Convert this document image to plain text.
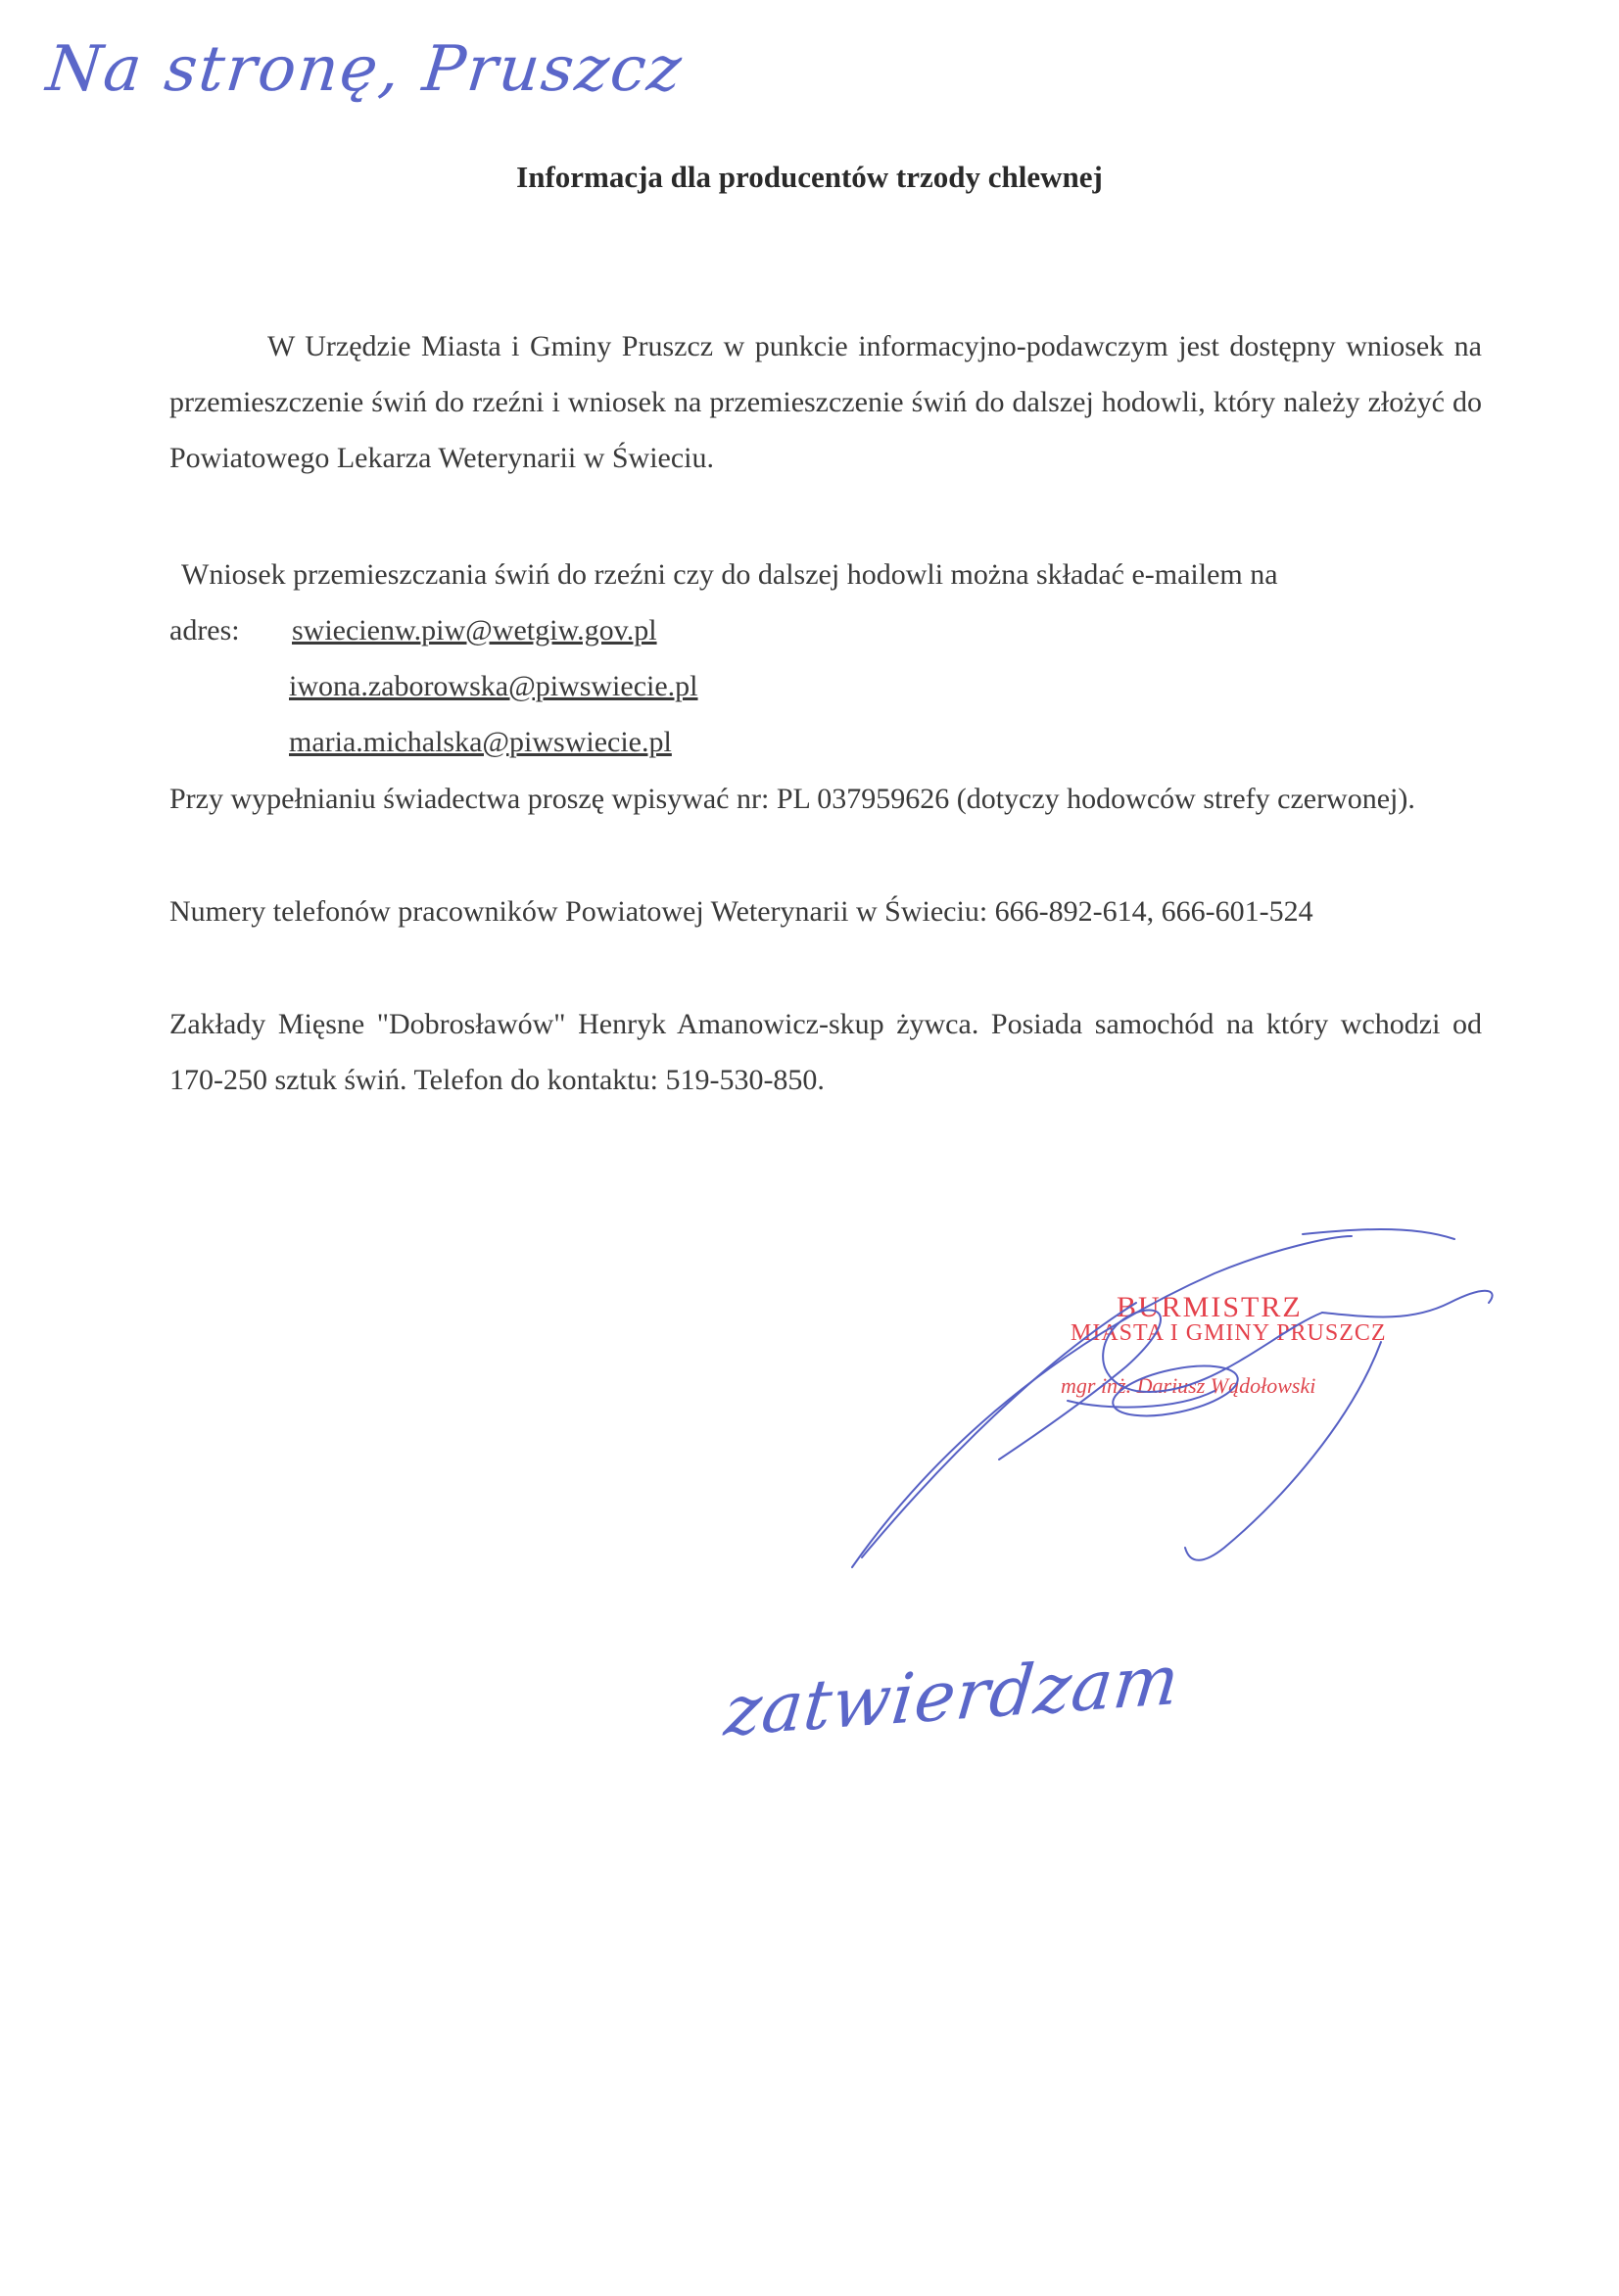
Na stronę, Pruszcz
Informacja dla producentów trzody chlewnej

W Urzędzie Miasta i Gminy Pruszcz w punkcie informacyjno-podawczym jest dostępny wniosek na przemieszczenie świń do rzeźni i wniosek na przemieszczenie świń do dalszej hodowli, który należy złożyć do Powiatowego Lekarza Weterynarii w Świeciu.

Wniosek przemieszczania świń do rzeźni czy do dalszej hodowli można składać e-mailem na

adres:	swiecienw.piw@wetgiw.gov.pl
iwona.zaborowska@piwswiecie.pl
maria.michalska@piwswiecie.pl

Przy wypełnianiu świadectwa proszę wpisywać nr: PL 037959626 (dotyczy hodowców strefy czerwonej).

Numery telefonów pracowników Powiatowej Weterynarii w Świeciu: 666-892-614, 666-601-524

Zakłady Mięsne "Dobrosławów" Henryk Amanowicz-skup żywca. Posiada samochód na który wchodzi od 170-250 sztuk świń. Telefon do kontaktu: 519-530-850.

BURMISTRZ
MIASTA I GMINY PRUSZCZ
mgr inż. Dariusz Wądołowski
zatwierdzam
